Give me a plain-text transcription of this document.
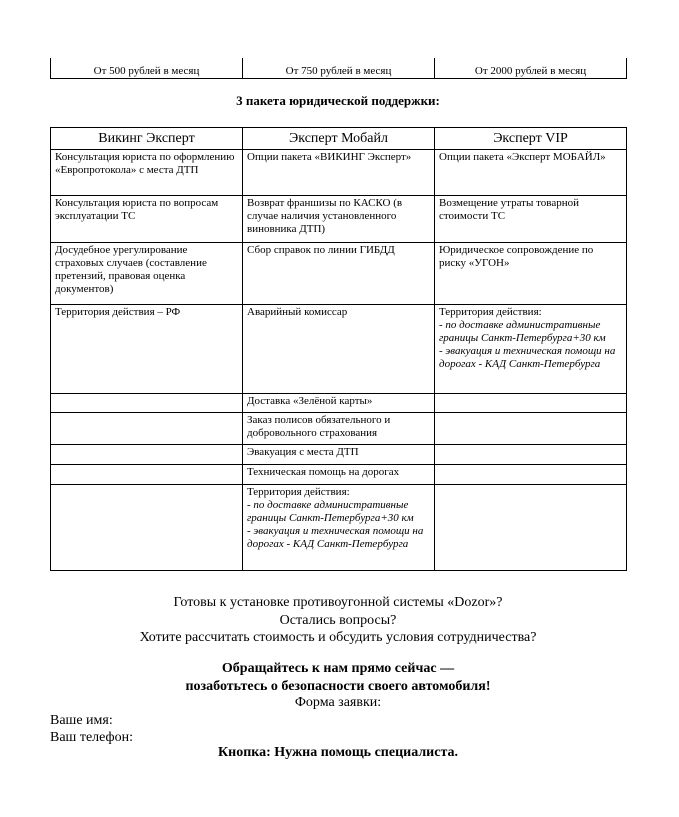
От 500 рублей в месяц	От 750 рублей в месяц	От 2000 рублей в месяц
3 пакета юридической поддержки:
Викинг Эксперт	Эксперт Мобайл	Эксперт VIP
Консультация юриста по оформлению «Европротокола» с места ДТП	Опции пакета «ВИКИНГ Эксперт»	Опции пакета «Эксперт МОБАЙЛ»
Консультация юриста по вопросам эксплуатации ТС	Возврат франшизы по КАСКО (в случае наличия установленного виновника ДТП)	Возмещение утраты товарной стоимости ТС
Досудебное урегулирование страховых случаев (составление претензий, правовая оценка документов)	Сбор справок по линии ГИБДД	Юридическое сопровождение по риску «УГОН»
Территория действия – РФ	Аварийный комиссар	Территория действия:
- по доставке административные границы Санкт-Петербурга+30 км
- эвакуация и техническая помощи на дорогах - КАД Санкт-Петербурга

	Доставка «Зелёной карты»	
	Заказ полисов обязательного и добровольного страхования	
	Эвакуация с места ДТП	
	Техническая помощь на дорогах	

	Территория действия:
- по доставке административные границы Санкт-Петербурга+30 км
- эвакуация и техническая помощи на дорогах - КАД Санкт-Петербурга	

Готовы к установке противоугонной системы «Dozor»?
Остались вопросы?
Хотите рассчитать стоимость и обсудить условия сотрудничества?
Обращайтесь к нам прямо сейчас —
позаботьтесь о безопасности своего автомобиля!
Форма заявки:
Ваше имя:
Ваш телефон:
Кнопка: Нужна помощь специалиста.
